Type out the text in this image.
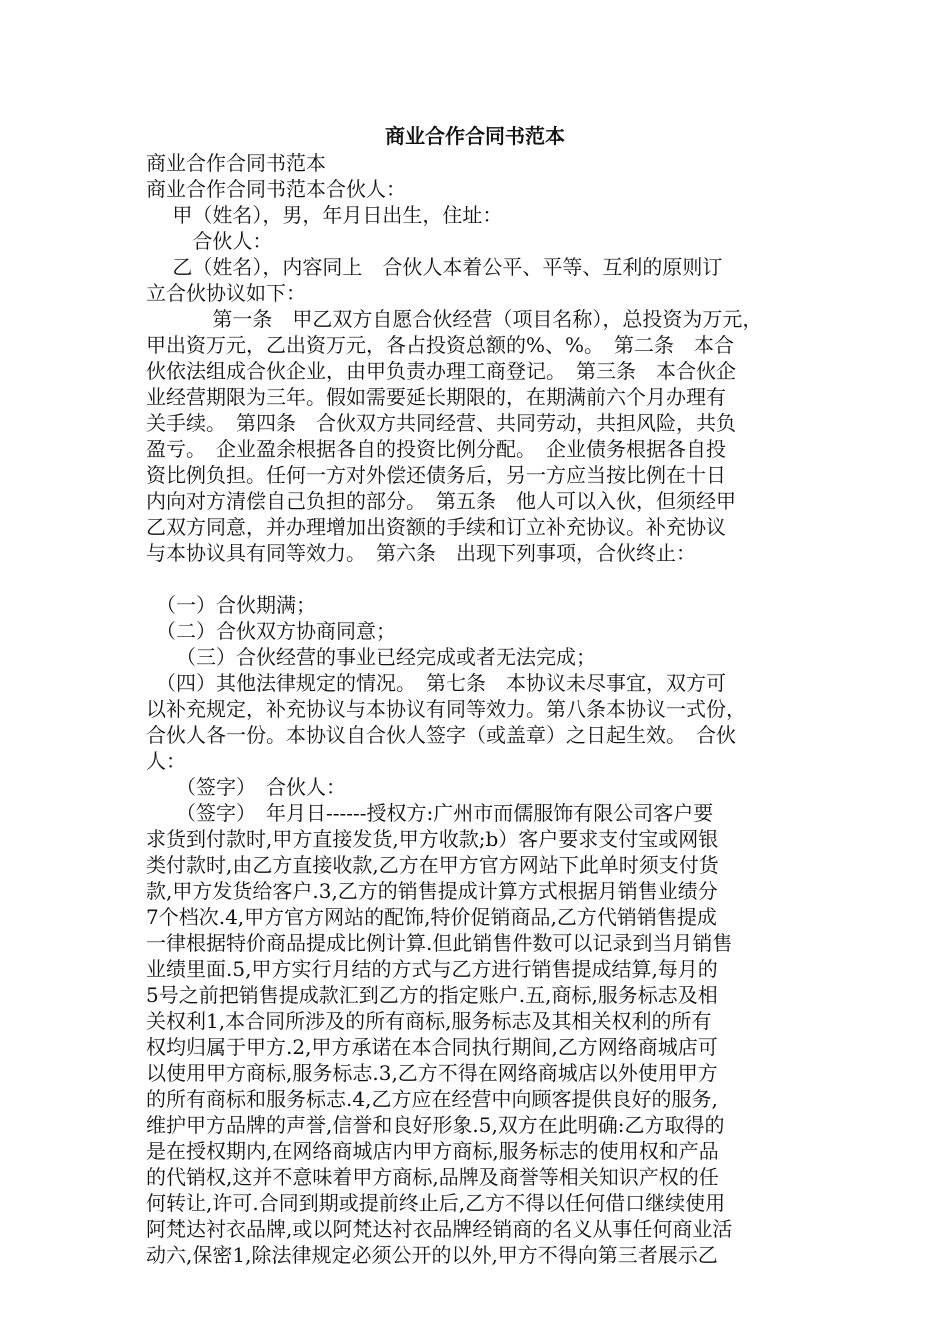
商业合作合同书范本
商业合作合同书范本
商业合作合同书范本合伙人：
　 甲（姓名），男，年月日出生，住址：
　　 合伙人：
　 乙（姓名），内容同上　合伙人本着公平、平等、互利的原则订
立合伙协议如下：
　　　 第一条　甲乙双方自愿合伙经营（项目名称），总投资为万元，
甲出资万元，乙出资万元，各占投资总额的%、%。　第二条　本合
伙依法组成合伙企业，由甲负责办理工商登记。　第三条　本合伙企
业经营期限为三年。假如需要延长期限的，在期满前六个月办理有
关手续。　第四条　合伙双方共同经营、共同劳动，共担风险，共负
盈亏。　企业盈余根据各自的投资比例分配。　企业债务根据各自投
资比例负担。任何一方对外偿还债务后，另一方应当按比例在十日
内向对方清偿自己负担的部分。　第五条　他人可以入伙，但须经甲
乙双方同意，并办理增加出资额的手续和订立补充协议。补充协议
与本协议具有同等效力。　第六条　出现下列事项，合伙终止：
　（一）合伙期满；
　（二）合伙双方协商同意；
　　（三）合伙经营的事业已经完成或者无法完成；
　（四）其他法律规定的情况。　第七条　本协议未尽事宜，双方可
以补充规定，补充协议与本协议有同等效力。第八条本协议一式份，
合伙人各一份。本协议自合伙人签字（或盖章）之日起生效。　合伙
人：
　　（签字）　合伙人：
　　（签字）　年月日------授权方:广州市而儒服饰有限公司客户要
求货到付款时,甲方直接发货,甲方收款;b）客户要求支付宝或网银
类付款时,由乙方直接收款,乙方在甲方官方网站下此单时须支付货
款,甲方发货给客户.3,乙方的销售提成计算方式根据月销售业绩分
7个档次.4,甲方官方网站的配饰,特价促销商品,乙方代销销售提成
一律根据特价商品提成比例计算.但此销售件数可以记录到当月销售
业绩里面.5,甲方实行月结的方式与乙方进行销售提成结算,每月的
5号之前把销售提成款汇到乙方的指定账户.五,商标,服务标志及相
关权利1,本合同所涉及的所有商标,服务标志及其相关权利的所有
权均归属于甲方.2,甲方承诺在本合同执行期间,乙方网络商城店可
以使用甲方商标,服务标志.3,乙方不得在网络商城店以外使用甲方
的所有商标和服务标志.4,乙方应在经营中向顾客提供良好的服务,
维护甲方品牌的声誉,信誉和良好形象.5,双方在此明确:乙方取得的
是在授权期内,在网络商城店内甲方商标,服务标志的使用权和产品
的代销权,这并不意味着甲方商标,品牌及商誉等相关知识产权的任
何转让,许可.合同到期或提前终止后,乙方不得以任何借口继续使用
阿梵达衬衣品牌,或以阿梵达衬衣品牌经销商的名义从事任何商业活
动六,保密1,除法律规定必须公开的以外,甲方不得向第三者展示乙
